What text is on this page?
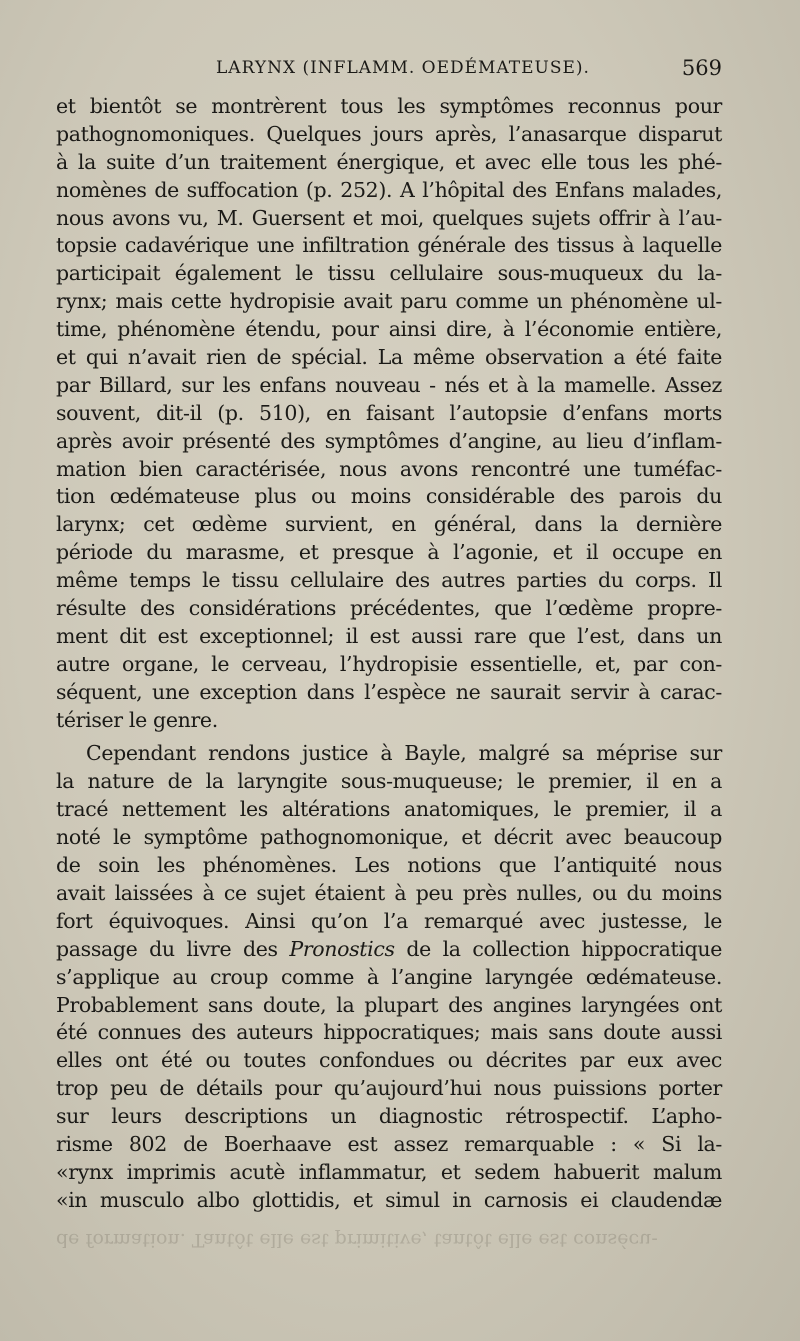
LARYNX (INFLAMM. OEDÉMATEUSE).	569
et bientôt se montrèrent tous les symptômes reconnus pour
pathognomoniques. Quelques jours après, l’anasarque disparut
à la suite d’un traitement énergique, et avec elle tous les phé-
nomènes de suffocation (p. 252). A l’hôpital des Enfans malades,
nous avons vu, M. Guersent et moi, quelques sujets offrir à l’au-
topsie cadavérique une infiltration générale des tissus à laquelle
participait également le tissu cellulaire sous-muqueux du la-
rynx; mais cette hydropisie avait paru comme un phénomène ul-
time, phénomène étendu, pour ainsi dire, à l’économie entière,
et qui n’avait rien de spécial. La même observation a été faite
par Billard, sur les enfans nouveau - nés et à la mamelle. Assez
souvent, dit-il (p. 510), en faisant l’autopsie d’enfans morts
après avoir présenté des symptômes d’angine, au lieu d’inflam-
mation bien caractérisée, nous avons rencontré une tuméfac-
tion œdémateuse plus ou moins considérable des parois du
larynx; cet œdème survient, en général, dans la dernière
période du marasme, et presque à l’agonie, et il occupe en
même temps le tissu cellulaire des autres parties du corps. Il
résulte des considérations précédentes, que l’œdème propre-
ment dit est exceptionnel; il est aussi rare que l’est, dans un
autre organe, le cerveau, l’hydropisie essentielle, et, par con-
séquent, une exception dans l’espèce ne saurait servir à carac-
tériser le genre.
Cependant rendons justice à Bayle, malgré sa méprise sur
la nature de la laryngite sous-muqueuse; le premier, il en a
tracé nettement les altérations anatomiques, le premier, il a
noté le symptôme pathognomonique, et décrit avec beaucoup
de soin les phénomènes. Les notions que l’antiquité nous
avait laissées à ce sujet étaient à peu près nulles, ou du moins
fort équivoques. Ainsi qu’on l’a remarqué avec justesse, le
passage du livre des Pronostics de la collection hippocratique
s’applique au croup comme à l’angine laryngée œdémateuse.
Probablement sans doute, la plupart des angines laryngées ont
été connues des auteurs hippocratiques; mais sans doute aussi
elles ont été ou toutes confondues ou décrites par eux avec
trop peu de détails pour qu’aujourd’hui nous puissions porter
sur leurs descriptions un diagnostic rétrospectif. L’apho-
risme 802 de Boerhaave est assez remarquable : « Si la-
«rynx imprimis acutè inflammatur, et sedem habuerit malum
«in musculo albo glottidis, et simul in carnosis ei claudendæ
de formation. Tantôt elle est primitive, tantôt elle est consécu-
